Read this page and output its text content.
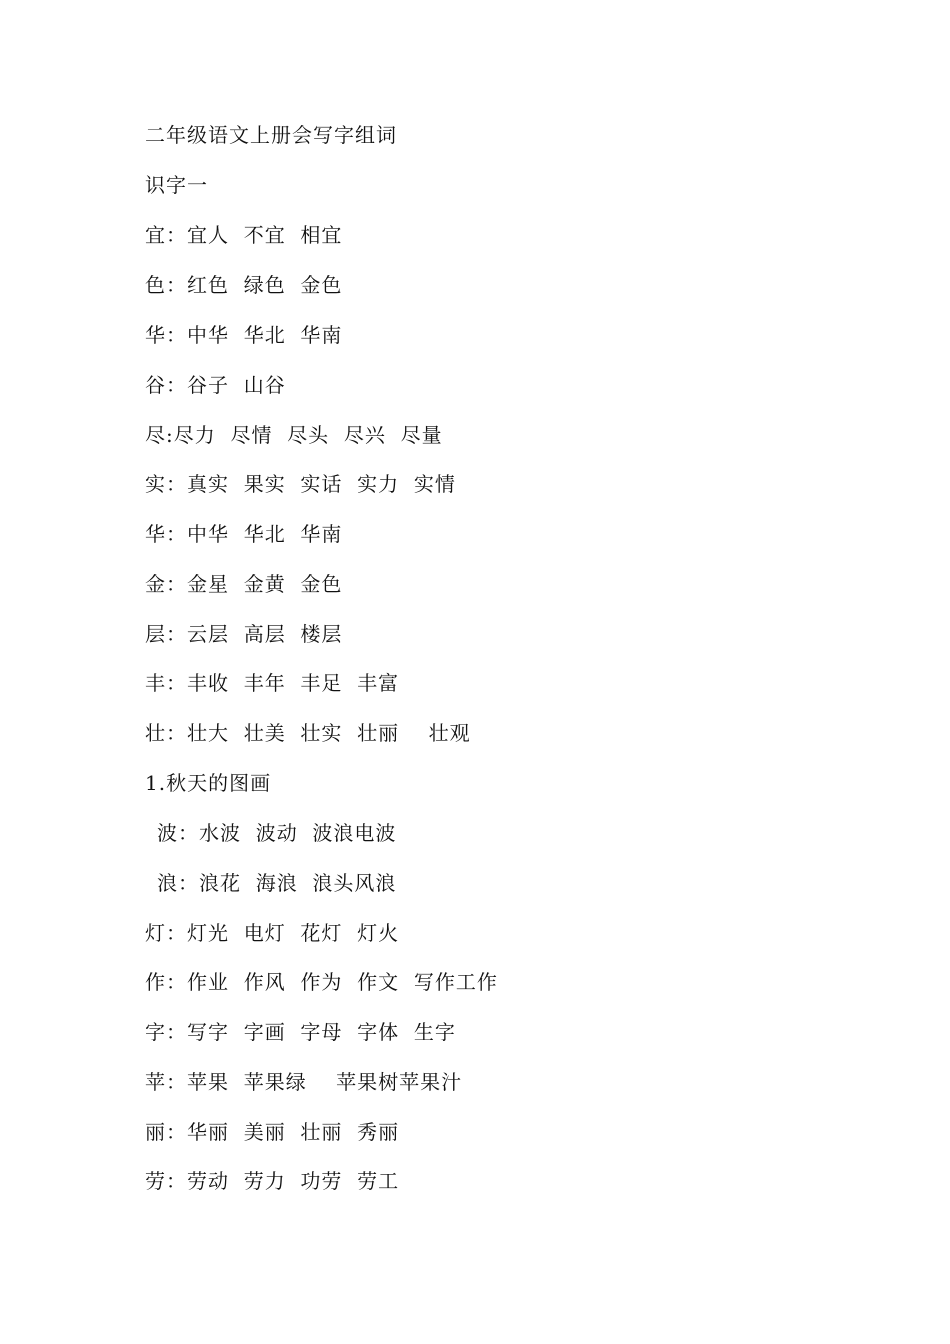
二年级语文上册会写字组词
识字一
宜：宜人  不宜  相宜
色：红色  绿色  金色
华：中华  华北  华南
谷：谷子  山谷
尽:尽力  尽情  尽头  尽兴  尽量
实：真实  果实  实话  实力  实情
华：中华  华北  华南
金：金星  金黄  金色
层：云层  高层  楼层
丰：丰收  丰年  丰足  丰富
壮：壮大  壮美  壮实  壮丽    壮观
1.秋天的图画
波：水波  波动  波浪电波
浪：浪花  海浪  浪头风浪
灯：灯光  电灯  花灯  灯火
作：作业  作风  作为  作文  写作工作
字：写字  字画  字母  字体  生字
苹：苹果  苹果绿    苹果树苹果汁
丽：华丽  美丽  壮丽  秀丽
劳：劳动  劳力  功劳  劳工
